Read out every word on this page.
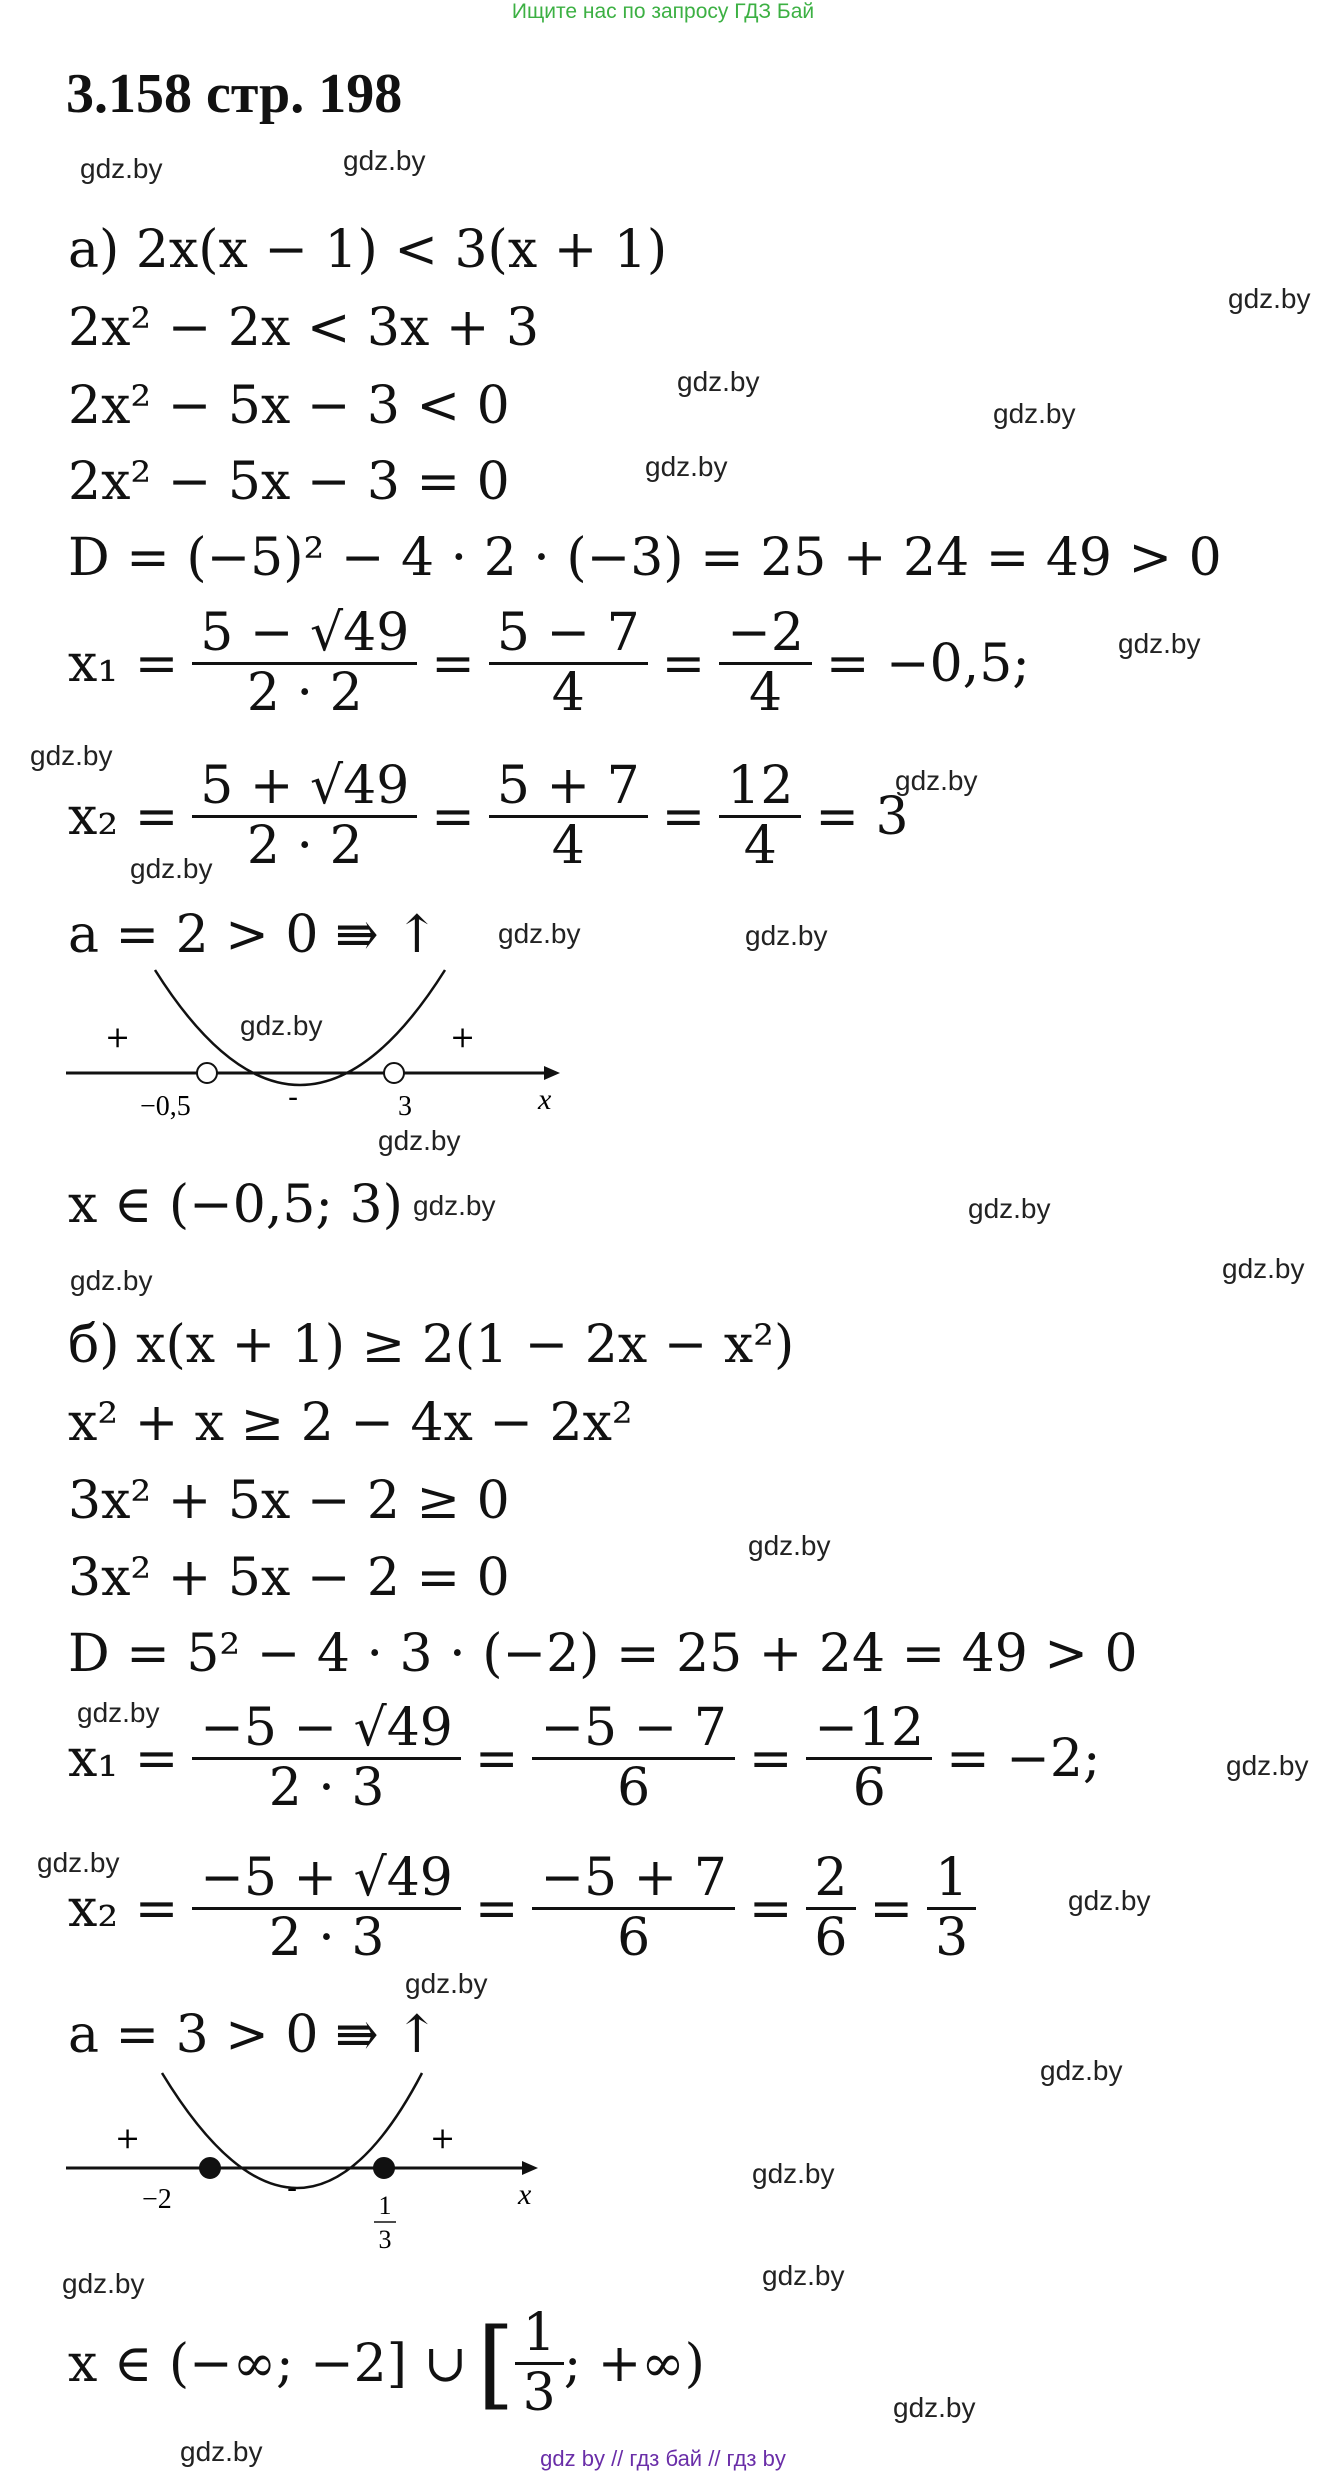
Ищите нас по запросу ГДЗ Бай
3.158 стр. 198
а) 2x(x − 1) < 3(x + 1)
2x² − 2x < 3x + 3
2x² − 5x − 3 < 0
2x² − 5x − 3 = 0
D = (−5)² − 4 · 2 · (−3) = 25 + 24 = 49 > 0
$x_1 = \frac{5 - √49}{2 \cdot 2} = \frac{5 - 7}{4} = \frac{-2}{4} = -0,5$;
$x_2 = \frac{5 + √49}{2 \cdot 2} = \frac{5 + 7}{4} = \frac{12}{4} = 3$
a = 2 > 0 ⇛ ↑
+	+
-
−0,5	3	x
x ∈ (−0,5; 3)
б) x(x + 1) ≥ 2(1 − 2x − x²)
x² + x ≥ 2 − 4x − 2x²
3x² + 5x − 2 ≥ 0
3x² + 5x − 2 = 0
D = 5² − 4 · 3 · (−2) = 25 + 24 = 49 > 0
$x_1 = \frac{-5 - √49}{2 \cdot 3} = \frac{-5 - 7}{6} = \frac{-12}{6} = -2$;
$x_2 = \frac{-5 + √49}{2 \cdot 3} = \frac{-5 + 7}{6} = \frac{2}{6} = \frac{1}{3}$
a = 3 > 0 ⇛ ↑
+	+
-
−2	1
3
x
x ∈ (−∞; −2] ∪ [ $\frac{1}{3}$ ; +∞)
gdz.by	gdz.by
gdz.by
gdz.by
gdz.by
gdz.by
gdz.by
gdz.by
gdz.by
gdz.by
gdz.by	gdz.by
gdz.by
gdz.by
gdz.by	gdz.by
gdz.by	gdz.by
gdz.by
gdz.by
gdz.by
gdz.by
gdz.by
gdz.by
gdz.by
gdz.by
gdz.by	gdz.by
gdz.by
gdz.by	gdz by // гдз бай // гдз by
